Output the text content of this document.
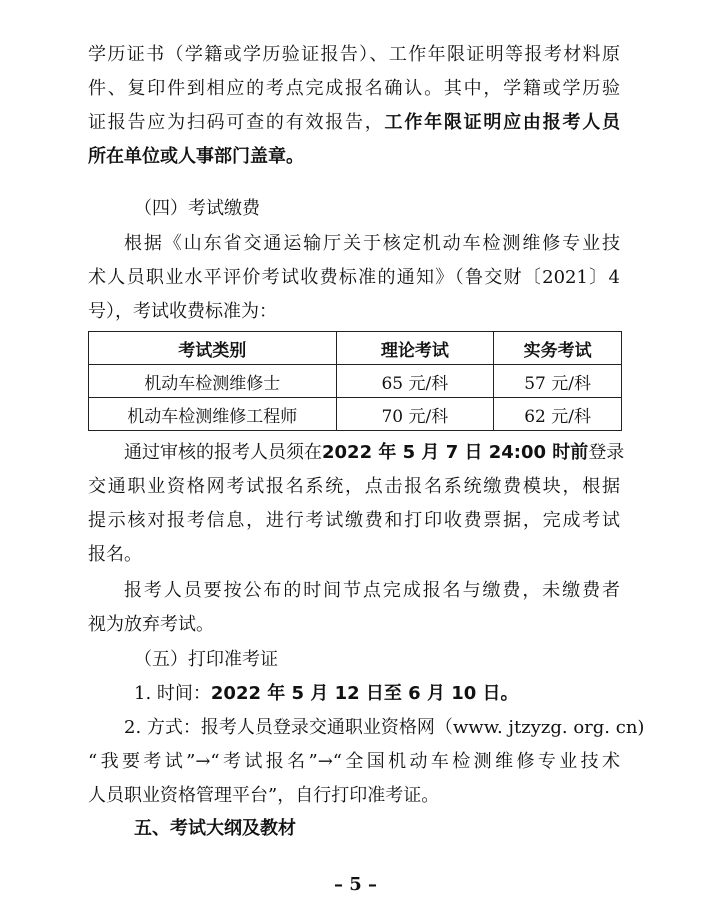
学历证书（学籍或学历验证报告）、工作年限证明等报考材料原
件、复印件到相应的考点完成报名确认。其中，学籍或学历验
证报告应为扫码可查的有效报告，工作年限证明应由报考人员
所在单位或人事部门盖章。
（四）考试缴费
根据《山东省交通运输厅关于核定机动车检测维修专业技
术人员职业水平评价考试收费标准的通知》（鲁交财〔2021〕4
号），考试收费标准为：
考试类别	理论考试	实务考试
机动车检测维修士	65 元/科	57 元/科
机动车检测维修工程师	70 元/科	62 元/科
通过审核的报考人员须在2022 年 5 月 7 日 24:00 时前登录
交通职业资格网考试报名系统，点击报名系统缴费模块，根据
提示核对报考信息，进行考试缴费和打印收费票据，完成考试
报名。
报考人员要按公布的时间节点完成报名与缴费，未缴费者
视为放弃考试。
（五）打印准考证
1. 时间：2022 年 5 月 12 日至 6 月 10 日。
2. 方式：报考人员登录交通职业资格网（www. jtzyzg. org. cn)
“我要考试”→“考试报名”→“全国机动车检测维修专业技术
人员职业资格管理平台”，自行打印准考证。
五、考试大纲及教材
– 5 –
